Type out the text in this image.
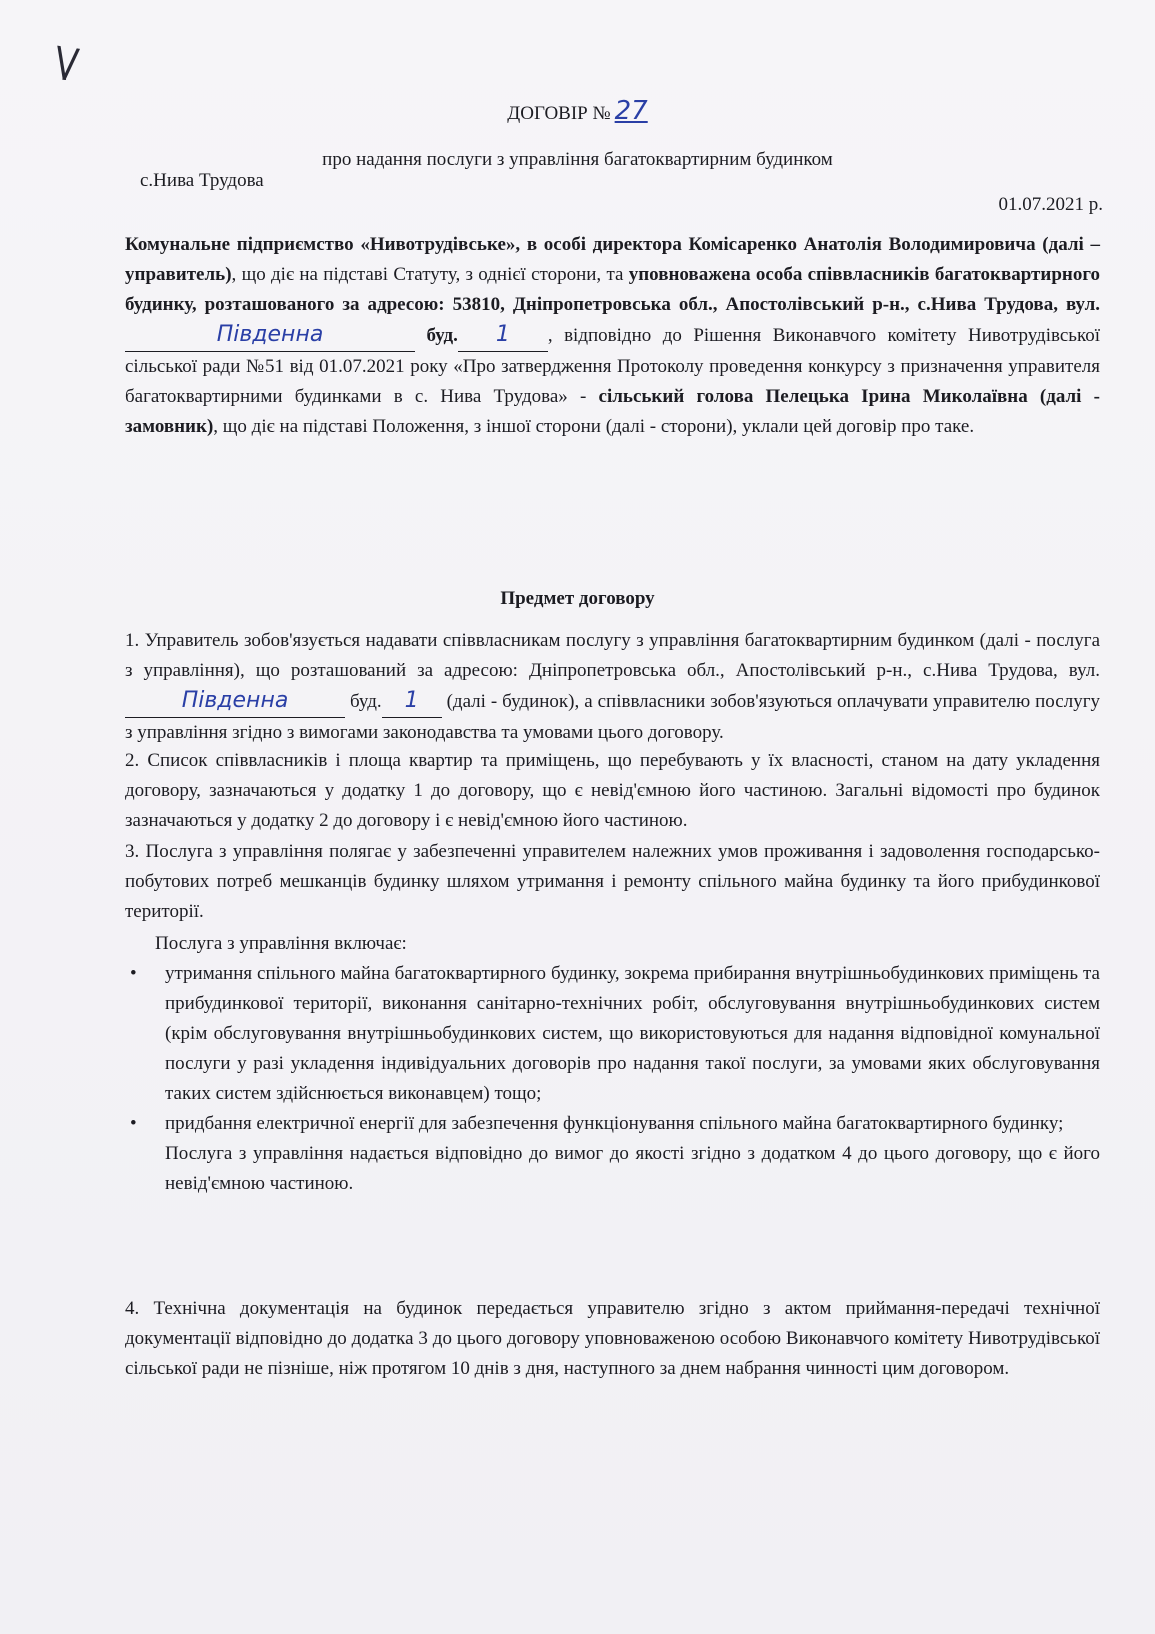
\/
ДОГОВІР № 27
про надання послуги з управління багатоквартирним будинком
с.Нива Трудова
01.07.2021 р.
Комунальне підприємство «Нивотрудівське», в особі директора Комісаренко Анатолія Володимировича (далі – управитель), що діє на підставі Статуту, з однієї сторони, та уповноважена особа співвласників багатоквартирного будинку, розташованого за адресою: 53810, Дніпропетровська обл., Апостолівський р-н., с.Нива Трудова, вул.Південна	буд. 1 , відповідно до Рішення Виконавчого комітету Нивотрудівської сільської ради №51 від 01.07.2021 року «Про затвердження Протоколу проведення конкурсу з призначення управителя багатоквартирними будинками в с. Нива Трудова» - сільський голова Пелецька Ірина Миколаївна (далі - замовник), що діє на підставі Положення, з іншої сторони (далі - сторони), уклали цей договір про таке.
Предмет договору
1. Управитель зобов'язується надавати співвласникам послугу з управління багатоквартирним будинком (далі - послуга з управління), що розташований за адресою: Дніпропетровська обл., Апостолівський р-н., с.Нива Трудова, вул.Південна	буд. 1 (далі - будинок), а співвласники зобов'язуються оплачувати управителю послугу з управління згідно з вимогами законодавства та умовами цього договору.
2. Список співвласників і площа квартир та приміщень, що перебувають у їх власності, станом на дату укладення договору, зазначаються у додатку 1 до договору, що є невід'ємною його частиною. Загальні відомості про будинок зазначаються у додатку 2 до договору і є невід'ємною його частиною.
3. Послуга з управління полягає у забезпеченні управителем належних умов проживання і задоволення господарсько-побутових потреб мешканців будинку шляхом утримання і ремонту спільного майна будинку та його прибудинкової території.
Послуга з управління включає:
• утримання спільного майна багатоквартирного будинку, зокрема прибирання внутрішньобудинкових приміщень та прибудинкової території, виконання санітарно-технічних робіт, обслуговування внутрішньобудинкових систем (крім обслуговування внутрішньобудинкових систем, що використовуються для надання відповідної комунальної послуги у разі укладення індивідуальних договорів про надання такої послуги, за умовами яких обслуговування таких систем здійснюється виконавцем) тощо;
• придбання електричної енергії для забезпечення функціонування спільного майна багатоквартирного будинку;
Послуга з управління надається відповідно до вимог до якості згідно з додатком 4 до цього договору, що є його невід'ємною частиною.
4. Технічна документація на будинок передається управителю згідно з актом приймання-передачі технічної документації відповідно до додатка 3 до цього договору уповноваженою особою Виконавчого комітету Нивотрудівської сільської ради не пізніше, ніж протягом 10 днів з дня, наступного за днем набрання чинності цим договором.
